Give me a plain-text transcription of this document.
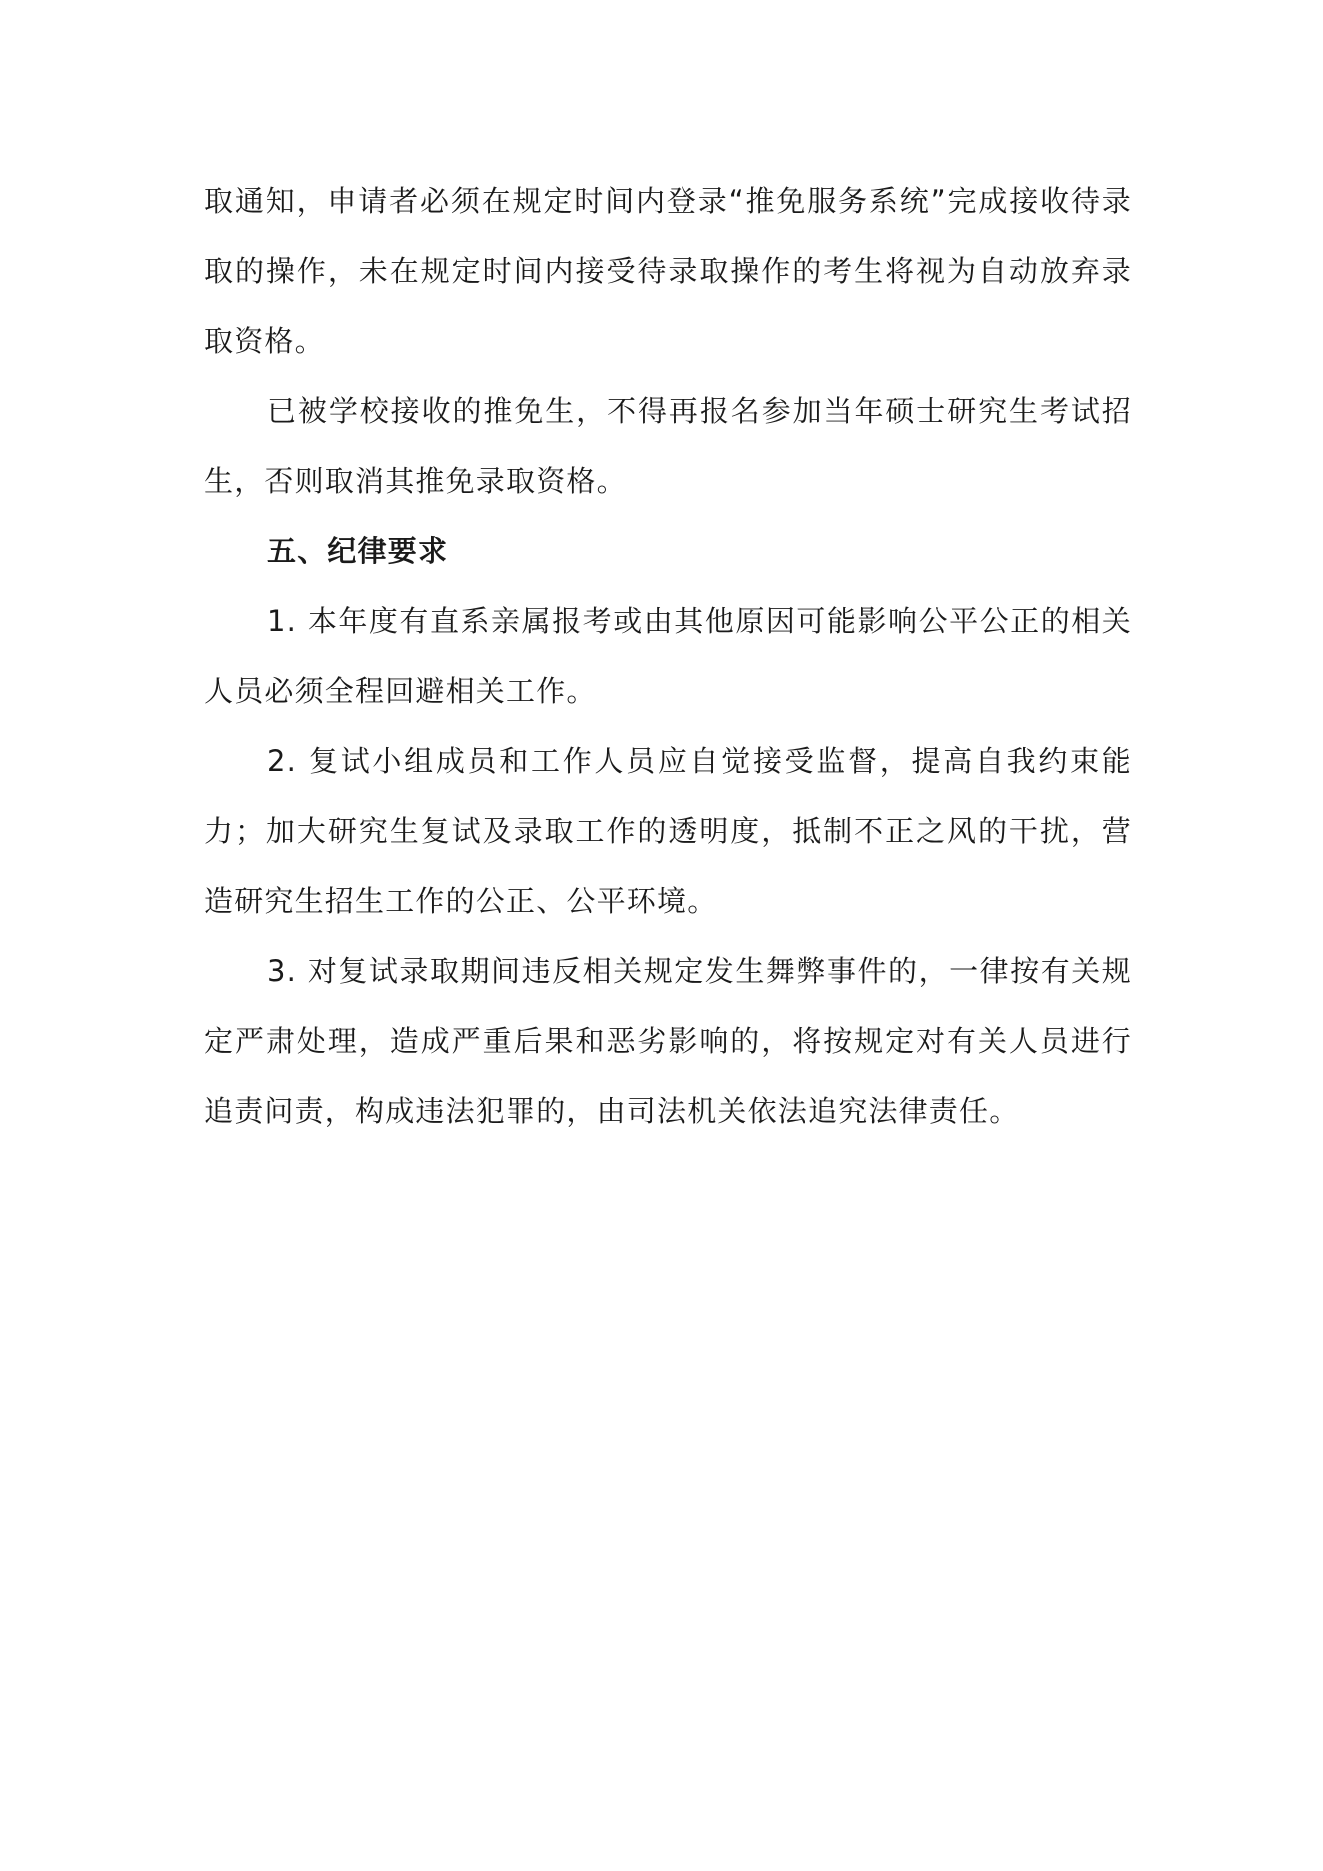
取通知，申请者必须在规定时间内登录“推免服务系统”完成接收待录取的操作，未在规定时间内接受待录取操作的考生将视为自动放弃录取资格。

已被学校接收的推免生，不得再报名参加当年硕士研究生考试招生，否则取消其推免录取资格。

五、纪律要求

1. 本年度有直系亲属报考或由其他原因可能影响公平公正的相关人员必须全程回避相关工作。

2. 复试小组成员和工作人员应自觉接受监督，提高自我约束能力；加大研究生复试及录取工作的透明度，抵制不正之风的干扰，营造研究生招生工作的公正、公平环境。

3. 对复试录取期间违反相关规定发生舞弊事件的，一律按有关规定严肃处理，造成严重后果和恶劣影响的，将按规定对有关人员进行追责问责，构成违法犯罪的，由司法机关依法追究法律责任。
